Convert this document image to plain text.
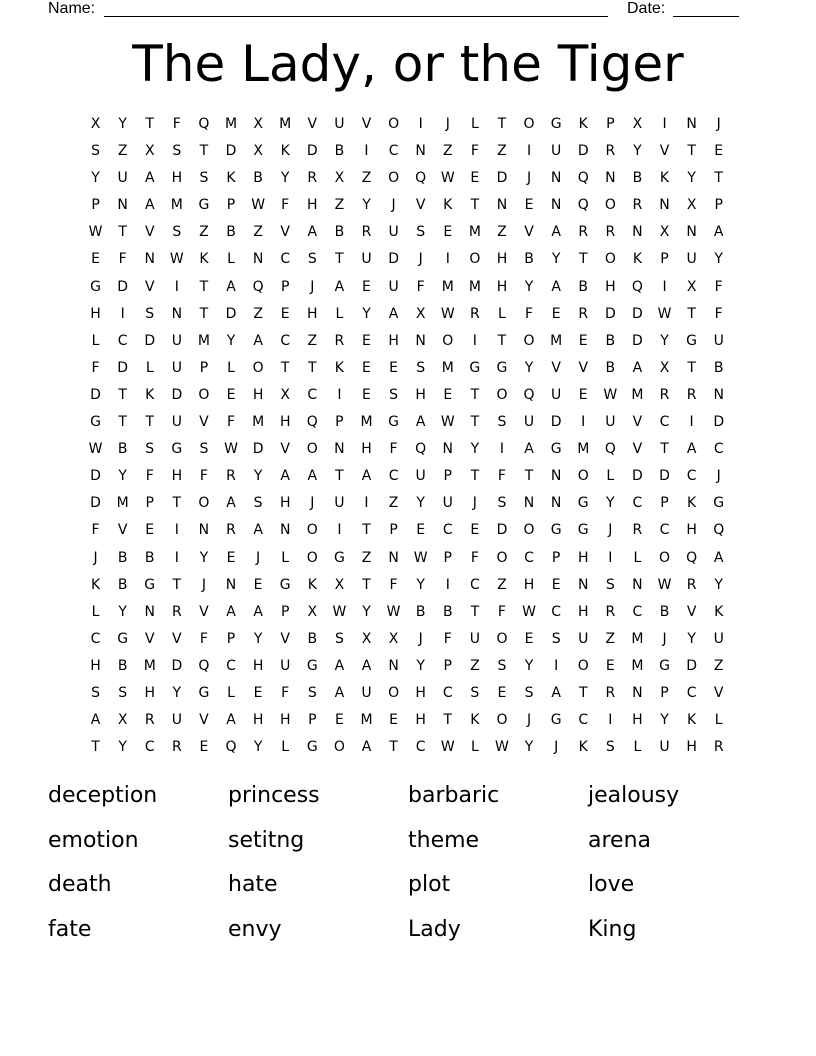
Name:	Date:
The Lady, or the Tiger
X	Y	T	F	Q	M	X	M	V	U	V	O	I	J	L	T	O	G	K	P	X	I	N	J
S	Z	X	S	T	D	X	K	D	B	I	C	N	Z	F	Z	I	U	D	R	Y	V	T	E
Y	U	A	H	S	K	B	Y	R	X	Z	O	Q	W	E	D	J	N	Q	N	B	K	Y	T
P	N	A	M	G	P	W	F	H	Z	Y	J	V	K	T	N	E	N	Q	O	R	N	X	P
W	T	V	S	Z	B	Z	V	A	B	R	U	S	E	M	Z	V	A	R	R	N	X	N	A
E	F	N	W	K	L	N	C	S	T	U	D	J	I	O	H	B	Y	T	O	K	P	U	Y
G	D	V	I	T	A	Q	P	J	A	E	U	F	M	M	H	Y	A	B	H	Q	I	X	F
H	I	S	N	T	D	Z	E	H	L	Y	A	X	W	R	L	F	E	R	D	D	W	T	F
L	C	D	U	M	Y	A	C	Z	R	E	H	N	O	I	T	O	M	E	B	D	Y	G	U
F	D	L	U	P	L	O	T	T	K	E	E	S	M	G	G	Y	V	V	B	A	X	T	B
D	T	K	D	O	E	H	X	C	I	E	S	H	E	T	O	Q	U	E	W	M	R	R	N
G	T	T	U	V	F	M	H	Q	P	M	G	A	W	T	S	U	D	I	U	V	C	I	D
W	B	S	G	S	W	D	V	O	N	H	F	Q	N	Y	I	A	G	M	Q	V	T	A	C
D	Y	F	H	F	R	Y	A	A	T	A	C	U	P	T	F	T	N	O	L	D	D	C	J
D	M	P	T	O	A	S	H	J	U	I	Z	Y	U	J	S	N	N	G	Y	C	P	K	G
F	V	E	I	N	R	A	N	O	I	T	P	E	C	E	D	O	G	G	J	R	C	H	Q
J	B	B	I	Y	E	J	L	O	G	Z	N	W	P	F	O	C	P	H	I	L	O	Q	A
K	B	G	T	J	N	E	G	K	X	T	F	Y	I	C	Z	H	E	N	S	N	W	R	Y
L	Y	N	R	V	A	A	P	X	W	Y	W	B	B	T	F	W	C	H	R	C	B	V	K
C	G	V	V	F	P	Y	V	B	S	X	X	J	F	U	O	E	S	U	Z	M	J	Y	U
H	B	M	D	Q	C	H	U	G	A	A	N	Y	P	Z	S	Y	I	O	E	M	G	D	Z
S	S	H	Y	G	L	E	F	S	A	U	O	H	C	S	E	S	A	T	R	N	P	C	V
A	X	R	U	V	A	H	H	P	E	M	E	H	T	K	O	J	G	C	I	H	Y	K	L
T	Y	C	R	E	Q	Y	L	G	O	A	T	C	W	L	W	Y	J	K	S	L	U	H	R
deception	princess	barbaric	jealousy
emotion	setitng	theme	arena
death	hate	plot	love
fate	envy	Lady	King
